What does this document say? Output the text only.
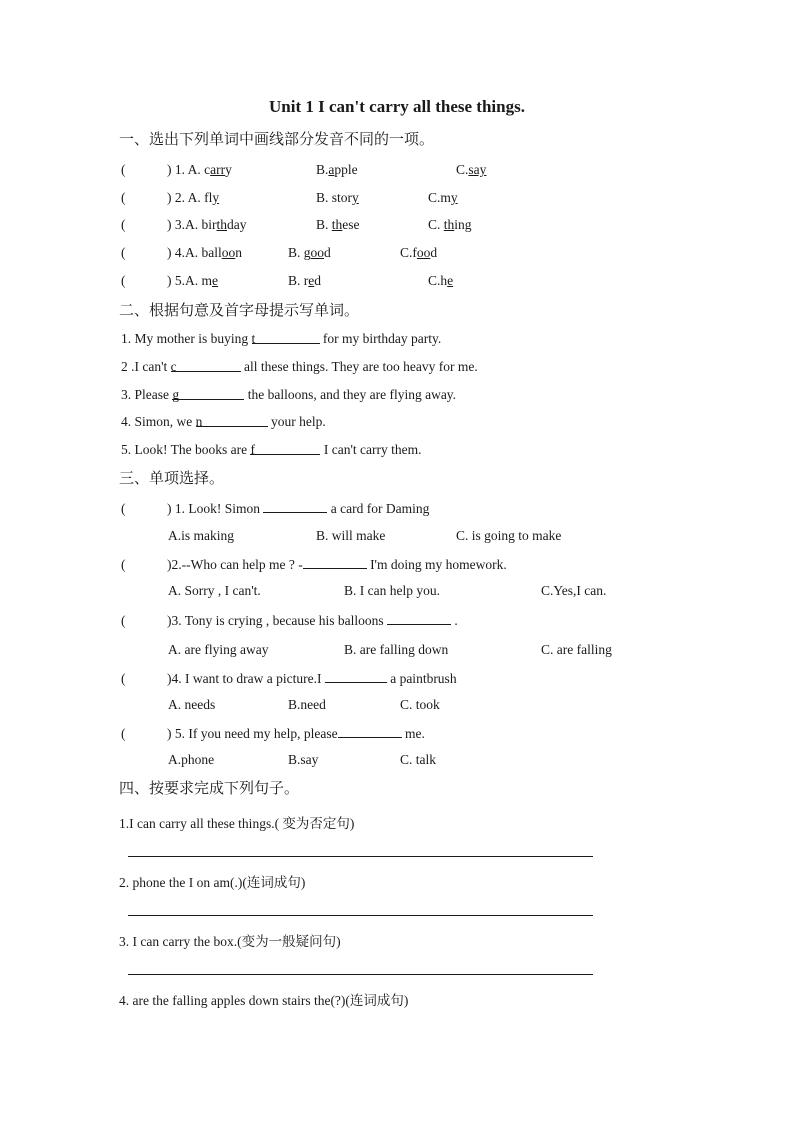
Unit 1 I can't carry all these things.
一、选出下列单词中画线部分发音不同的一项。
(	) 1. A. carry	B.apple	C.say
(	) 2. A. fly	B. story	C.my
(	) 3.A. birthday	B. these	C. thing
(	) 4.A. balloon	B. good	C.food
(	) 5.A. me	B. red	C.he
二、根据句意及首字母提示写单词。
1. My mother is buying t	for my birthday party.
2 .I can't c	all these things. They are too heavy for me.
3. Please g	the balloons, and they are flying away.
4. Simon, we n	your help.
5. Look! The books are f	I can't carry them.
三、单项选择。
(	) 1. Look! Simon	a card for Daming
A.is making	B. will make	C. is going to make
(	)2.--Who can help me ? -	I'm doing my homework.
A. Sorry , I can't.	B. I can help you.	C.Yes,I can.
(	)3. Tony is crying , because his balloons	.
A. are flying away	B. are falling down	C. are falling
(	)4. I want to draw a picture.I	a paintbrush
A. needs	B.need	C. took
(	) 5. If you need my help, please	me.
A.phone	B.say	C. talk
四、按要求完成下列句子。
1.I can carry all these things.( 变为否定句)
2. phone the I on am(.)(连词成句)
3. I can carry the box.(变为一般疑问句)
4. are the falling apples down stairs the(?)(连词成句)
